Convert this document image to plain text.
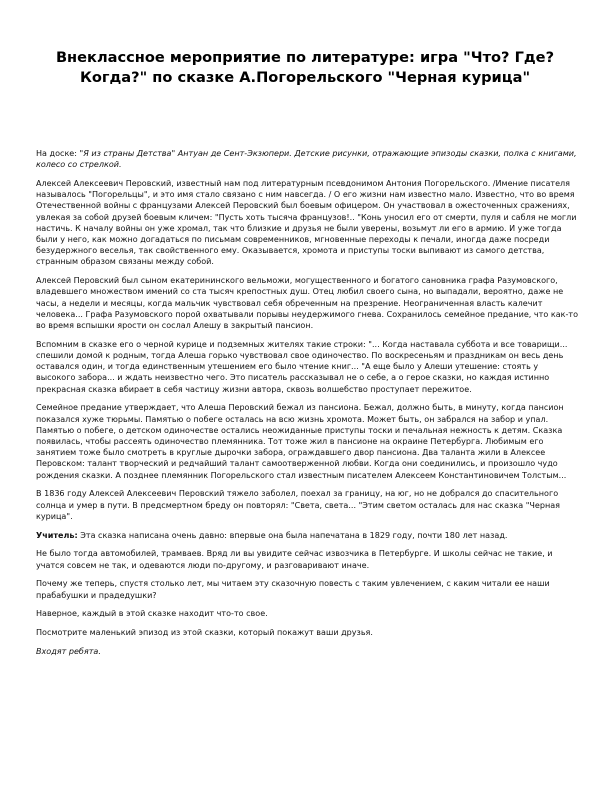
Внеклассное мероприятие по литературе: игра "Что? Где? Когда?" по сказке А.Погорельского "Черная курица"

На доске: "Я из страны Детства" Антуан де Сент-Экзюпери. Детские рисунки, отражающие эпизоды сказки, полка с книгами, колесо со стрелкой.

Алексей Алексеевич Перовский, известный нам под литературным псевдонимом Антония Погорельского. /Имение писателя называлось "Погорельцы", и это имя стало связано с ним навсегда. / О его жизни нам известно мало. Известно, что во время Отечественной войны с французами Алексей Перовский был боевым офицером. Он участвовал в ожесточенных сражениях, увлекая за собой друзей боевым кличем: "Пусть хоть тысяча французов!.. "Конь уносил его от смерти, пуля и сабля не могли настичь. К началу войны он уже хромал, так что близкие и друзья не были уверены, возьмут ли его в армию. И уже тогда были у него, как можно догадаться по письмам современников, мгновенные переходы к печали, иногда даже посреди безудержного веселья, так свойственного ему. Оказывается, хромота и приступы тоски выпивают из самого детства, странным образом связаны между собой.

Алексей Перовский был сыном екатерининского вельможи, могущественного и богатого сановника графа Разумовского, владевшего множеством имений со ста тысяч крепостных душ. Отец любил своего сына, но выпадали, вероятно, даже не часы, а недели и месяцы, когда мальчик чувствовал себя обреченным на презрение. Неограниченная власть калечит человека... Графа Разумовского порой охватывали порывы неудержимого гнева. Сохранилось семейное предание, что как-то во время вспышки ярости он сослал Алешу в закрытый пансион.

Вспомним в сказке его о черной курице и подземных жителях такие строки: "... Когда наставала суббота и все товарищи... спешили домой к родным, тогда Алеша горько чувствовал свое одиночество. По воскресеньям и праздникам он весь день оставался один, и тогда единственным утешением его было чтение книг... "А еще было у Алеши утешение: стоять у высокого забора... и ждать неизвестно чего. Это писатель рассказывал не о себе, а о герое сказки, но каждая истинно прекрасная сказка вбирает в себя частицу жизни автора, сквозь волшебство проступает пережитое.

Семейное предание утверждает, что Алеша Перовский бежал из пансиона. Бежал, должно быть, в минуту, когда пансион показался хуже тюрьмы. Памятью о побеге осталась на всю жизнь хромота. Может быть, он забрался на забор и упал. Памятью о побеге, о детском одиночестве остались неожиданные приступы тоски и печальная нежность к детям. Сказка появилась, чтобы рассеять одиночество племянника. Тот тоже жил в пансионе на окраине Петербурга. Любимым его занятием тоже было смотреть в круглые дырочки забора, ограждавшего двор пансиона. Два таланта жили в Алексее Перовском: талант творческий и редчайший талант самоотверженной любви. Когда они соединились, и произошло чудо рождения сказки. А позднее племянник Погорельского стал известным писателем Алексеем Константиновичем Толстым...

В 1836 году Алексей Алексеевич Перовский тяжело заболел, поехал за границу, на юг, но не добрался до спасительного солнца и умер в пути. В предсмертном бреду он повторял: "Света, света... "Этим светом осталась для нас сказка "Черная курица".

Учитель: Эта сказка написана очень давно: впервые она была напечатана в 1829 году, почти 180 лет назад.

Не было тогда автомобилей, трамваев. Вряд ли вы увидите сейчас извозчика в Петербурге. И школы сейчас не такие, и учатся совсем не так, и одеваются люди по-другому, и разговаривают иначе.

Почему же теперь, спустя столько лет, мы читаем эту сказочную повесть с таким увлечением, с каким читали ее наши прабабушки и прадедушки?

Наверное, каждый в этой сказке находит что-то свое.

Посмотрите маленький эпизод из этой сказки, который покажут ваши друзья.

Входят ребята.
